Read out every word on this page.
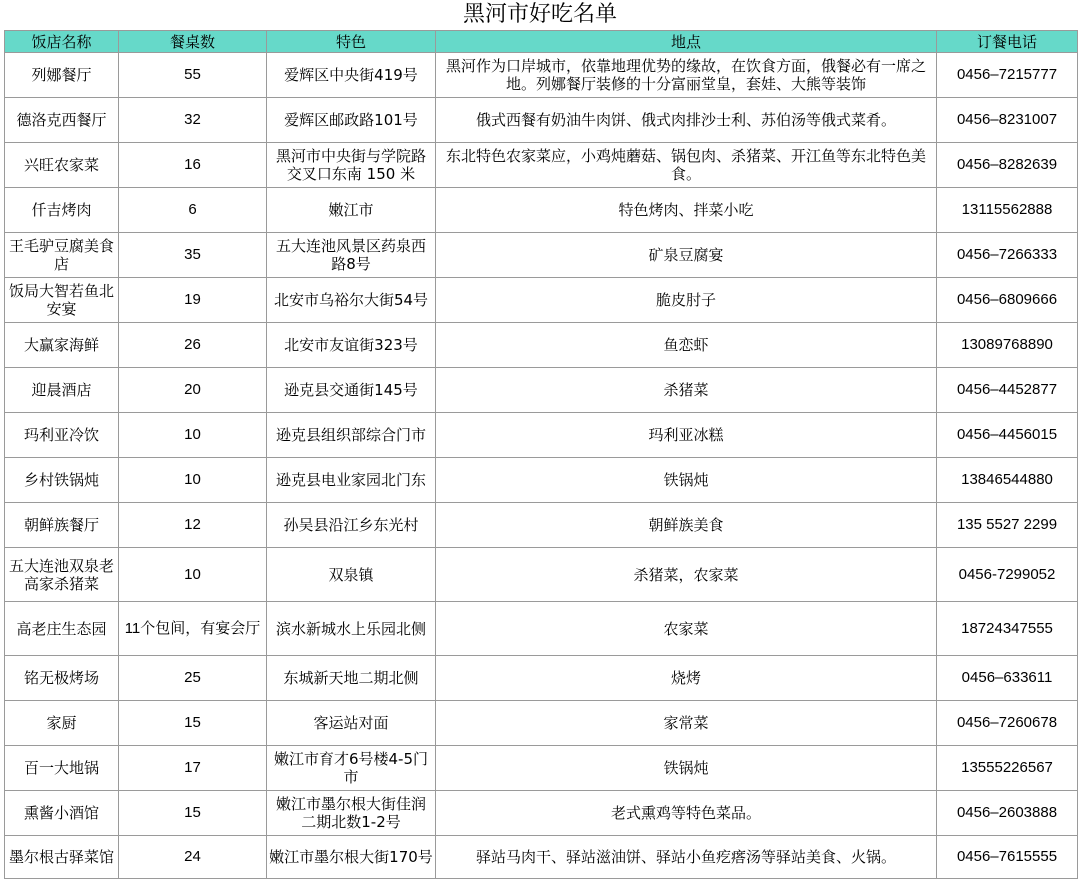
黑河市好吃名单
饭店名称	餐桌数	特色	地点	订餐电话
列娜餐厅	55	爱辉区中央街419号	黑河作为口岸城市，依靠地理优势的缘故，在饮食方面，俄餐必有一席之地。列娜餐厅装修的十分富丽堂皇，套娃、大熊等装饰	0456–7215777
德洛克西餐厅	32	爱辉区邮政路101号	俄式西餐有奶油牛肉饼、俄式肉排沙士利、苏伯汤等俄式菜肴。	0456–8231007
兴旺农家菜	16	黑河市中央街与学院路交叉口东南 150 米	东北特色农家菜应，小鸡炖蘑菇、锅包肉、杀猪菜、开江鱼等东北特色美食。	0456–8282639
仟吉烤肉	6	嫩江市	特色烤肉、拌菜小吃	13115562888
王毛驴豆腐美食店	35	五大连池风景区药泉西路8号	矿泉豆腐宴	0456–7266333
饭局大智若鱼北安宴	19	北安市乌裕尔大街54号	脆皮肘子	0456–6809666
大赢家海鲜	26	北安市友谊街323号	鱼恋虾	13089768890
迎晨酒店	20	逊克县交通街145号	杀猪菜	0456–4452877
玛利亚冷饮	10	逊克县组织部综合门市	玛利亚冰糕	0456–4456015
乡村铁锅炖	10	逊克县电业家园北门东	铁锅炖	13846544880
朝鲜族餐厅	12	孙吴县沿江乡东光村	朝鲜族美食	135 5527 2299
五大连池双泉老高家杀猪菜	10	双泉镇	杀猪菜，农家菜	0456-7299052
高老庄生态园	11个包间，有宴会厅	滨水新城水上乐园北侧	农家菜	18724347555
铭无极烤场	25	东城新天地二期北侧	烧烤	0456–633611
家厨	15	客运站对面	家常菜	0456–7260678
百一大地锅	17	嫩江市育才6号楼4-5门市	铁锅炖	13555226567
熏酱小酒馆	15	嫩江市墨尔根大街佳润二期北数1-2号	老式熏鸡等特色菜品。	0456–2603888
墨尔根古驿菜馆	24	嫩江市墨尔根大街170号	驿站马肉干、驿站滋油饼、驿站小鱼疙瘩汤等驿站美食、火锅。	0456–7615555
